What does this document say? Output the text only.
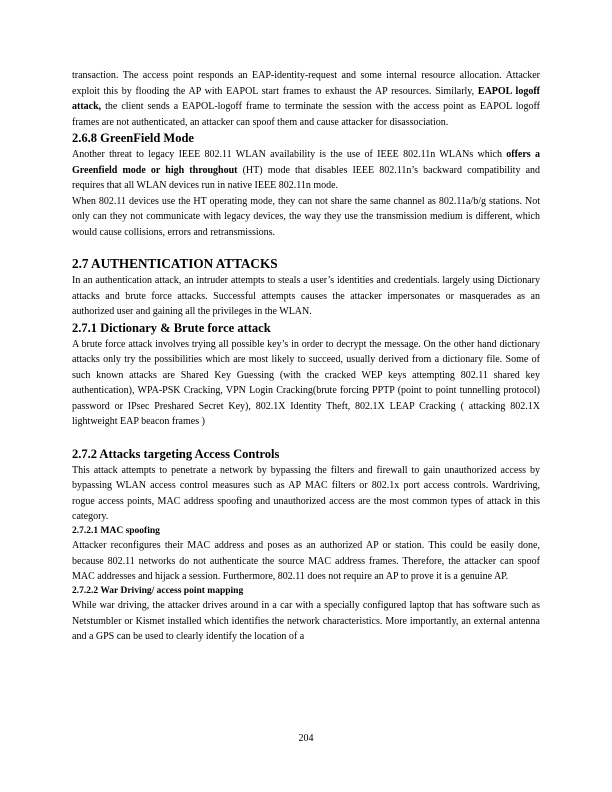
transaction. The access point responds an EAP-identity-request and some internal resource allocation. Attacker exploit this by flooding the AP with EAPOL start frames to exhaust the AP resources. Similarly, EAPOL logoff attack, the client sends a EAPOL-logoff frame to terminate the session with the access point as EAPOL logoff frames are not authenticated, an attacker can spoof them and cause attacker for disassociation.

2.6.8 GreenField Mode

Another threat to legacy IEEE 802.11 WLAN availability is the use of IEEE 802.11n WLANs which offers a Greenfield mode or high throughout (HT) mode that disables IEEE 802.11n’s backward compatibility and requires that all WLAN devices run in native IEEE 802.11n mode.

When 802.11 devices use the HT operating mode, they can not share the same channel as 802.11a/b/g stations. Not only can they not communicate with legacy devices, the way they use the transmission medium is different, which would cause collisions, errors and retransmissions.

2.7 AUTHENTICATION ATTACKS

In an authentication attack, an intruder attempts to steals a user’s identities and credentials. largely using Dictionary attacks and brute force attacks. Successful attempts causes the attacker impersonates or masquerades as an authorized user and gaining all the privileges in the WLAN.

2.7.1 Dictionary & Brute force attack

A brute force attack involves trying all possible key’s in order to decrypt the message. On the other hand dictionary attacks only try the possibilities which are most likely to succeed, usually derived from a dictionary file. Some of such known attacks are Shared Key Guessing (with the cracked WEP keys attempting 802.11 shared key authentication), WPA-PSK Cracking, VPN Login Cracking(brute forcing PPTP (point to point tunnelling protocol) password or IPsec Preshared Secret Key), 802.1X Identity Theft, 802.1X LEAP Cracking ( attacking 802.1X lightweight EAP beacon frames )

2.7.2 Attacks targeting Access Controls

This attack attempts to penetrate a network by bypassing the filters and firewall to gain unauthorized access by bypassing WLAN access control measures such as AP MAC filters or 802.1x port access controls. Wardriving, rogue access points, MAC address spoofing and unauthorized access are the most common types of attack in this category.

2.7.2.1 MAC spoofing

Attacker reconfigures their MAC address and poses as an authorized AP or station. This could be easily done, because 802.11 networks do not authenticate the source MAC address frames. Therefore, the attacker can spoof MAC addresses and hijack a session. Furthermore, 802.11 does not require an AP to prove it is a genuine AP.

2.7.2.2 War Driving/ access point mapping

While war driving, the attacker drives around in a car with a specially configured laptop that has software such as Netstumbler or Kismet installed which identifies the network characteristics. More importantly, an external antenna and a GPS can be used to clearly identify the location of a

204
